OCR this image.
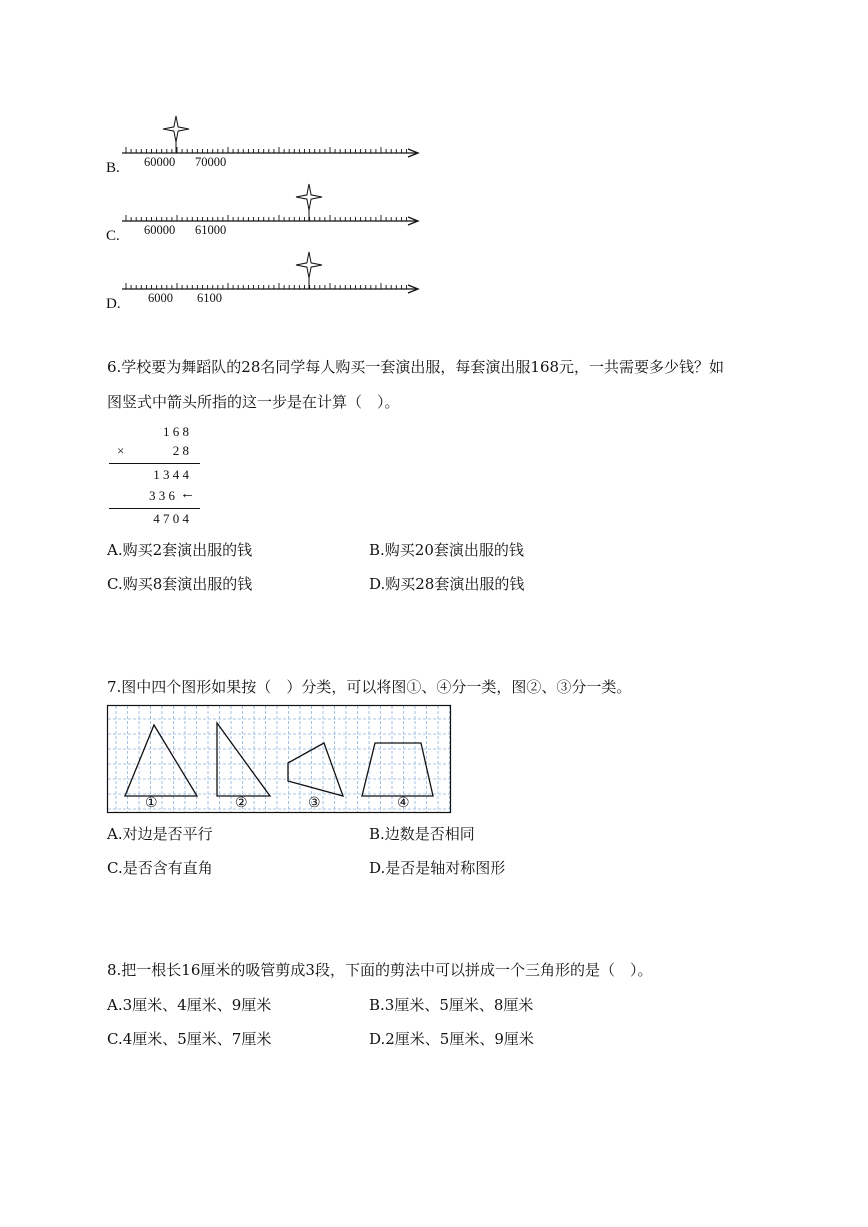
B. 60000 70000
C. 60000 61000
D. 6000 6100
6.学校要为舞蹈队的28名同学每人购买一套演出服，每套演出服168元，一共需要多少钱？如
图竖式中箭头所指的这一步是在计算（　）。
1 6 8
×	2 8
1 3 4 4
3 3 6 ←
4 7 0 4
A.购买2套演出服的钱	B.购买20套演出服的钱
C.购买8套演出服的钱	D.购买28套演出服的钱
7.图中四个图形如果按（　）分类，可以将图①、④分一类，图②、③分一类。
①	②	③	④
A.对边是否平行	B.边数是否相同
C.是否含有直角	D.是否是轴对称图形
8.把一根长16厘米的吸管剪成3段，下面的剪法中可以拼成一个三角形的是（　）。
A.3厘米、4厘米、9厘米	B.3厘米、5厘米、8厘米
C.4厘米、5厘米、7厘米	D.2厘米、5厘米、9厘米
